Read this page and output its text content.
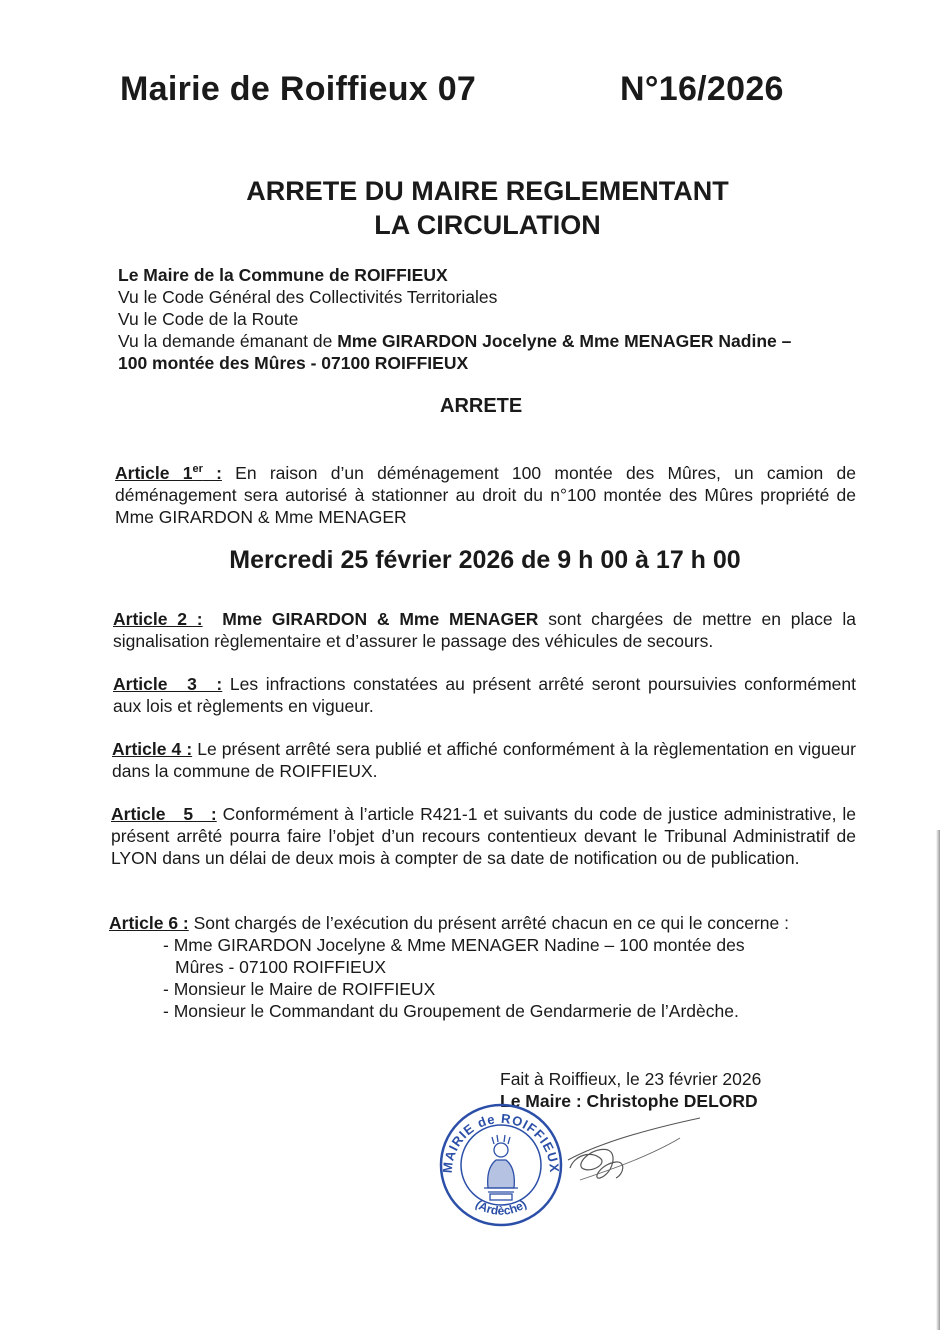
Mairie de Roiffieux 07	N°16/2026
ARRETE DU MAIRE REGLEMENTANT
LA CIRCULATION
Le Maire de la Commune de ROIFFIEUX
Vu le Code Général des Collectivités Territoriales
Vu le Code de la Route
Vu la demande émanant de Mme GIRARDON Jocelyne & Mme MENAGER Nadine –
100 montée des Mûres - 07100 ROIFFIEUX
ARRETE
Article 1er : En raison d’un déménagement 100 montée des Mûres, un camion de déménagement sera autorisé à stationner au droit du n°100 montée des Mûres propriété de Mme GIRARDON & Mme MENAGER
Mercredi 25 février 2026 de 9 h 00 à 17 h 00
Article 2 : Mme GIRARDON & Mme MENAGER sont chargées de mettre en place la signalisation règlementaire et d’assurer le passage des véhicules de secours.
Article 3 : Les infractions constatées au présent arrêté seront poursuivies conformément aux lois et règlements en vigueur.
Article 4 : Le présent arrêté sera publié et affiché conformément à la règlementation en vigueur dans la commune de ROIFFIEUX.
Article 5 : Conformément à l’article R421-1 et suivants du code de justice administrative, le présent arrêté pourra faire l’objet d’un recours contentieux devant le Tribunal Administratif de LYON dans un délai de deux mois à compter de sa date de notification ou de publication.
Article 6 : Sont chargés de l’exécution du présent arrêté chacun en ce qui le concerne :
- Mme GIRARDON Jocelyne & Mme MENAGER Nadine – 100 montée des
Mûres - 07100 ROIFFIEUX
- Monsieur le Maire de ROIFFIEUX
- Monsieur le Commandant du Groupement de Gendarmerie de l’Ardèche.
Fait à Roiffieux, le 23 février 2026
Le Maire : Christophe DELORD
MAIRIE de ROIFFIEUX
(Ardèche)
